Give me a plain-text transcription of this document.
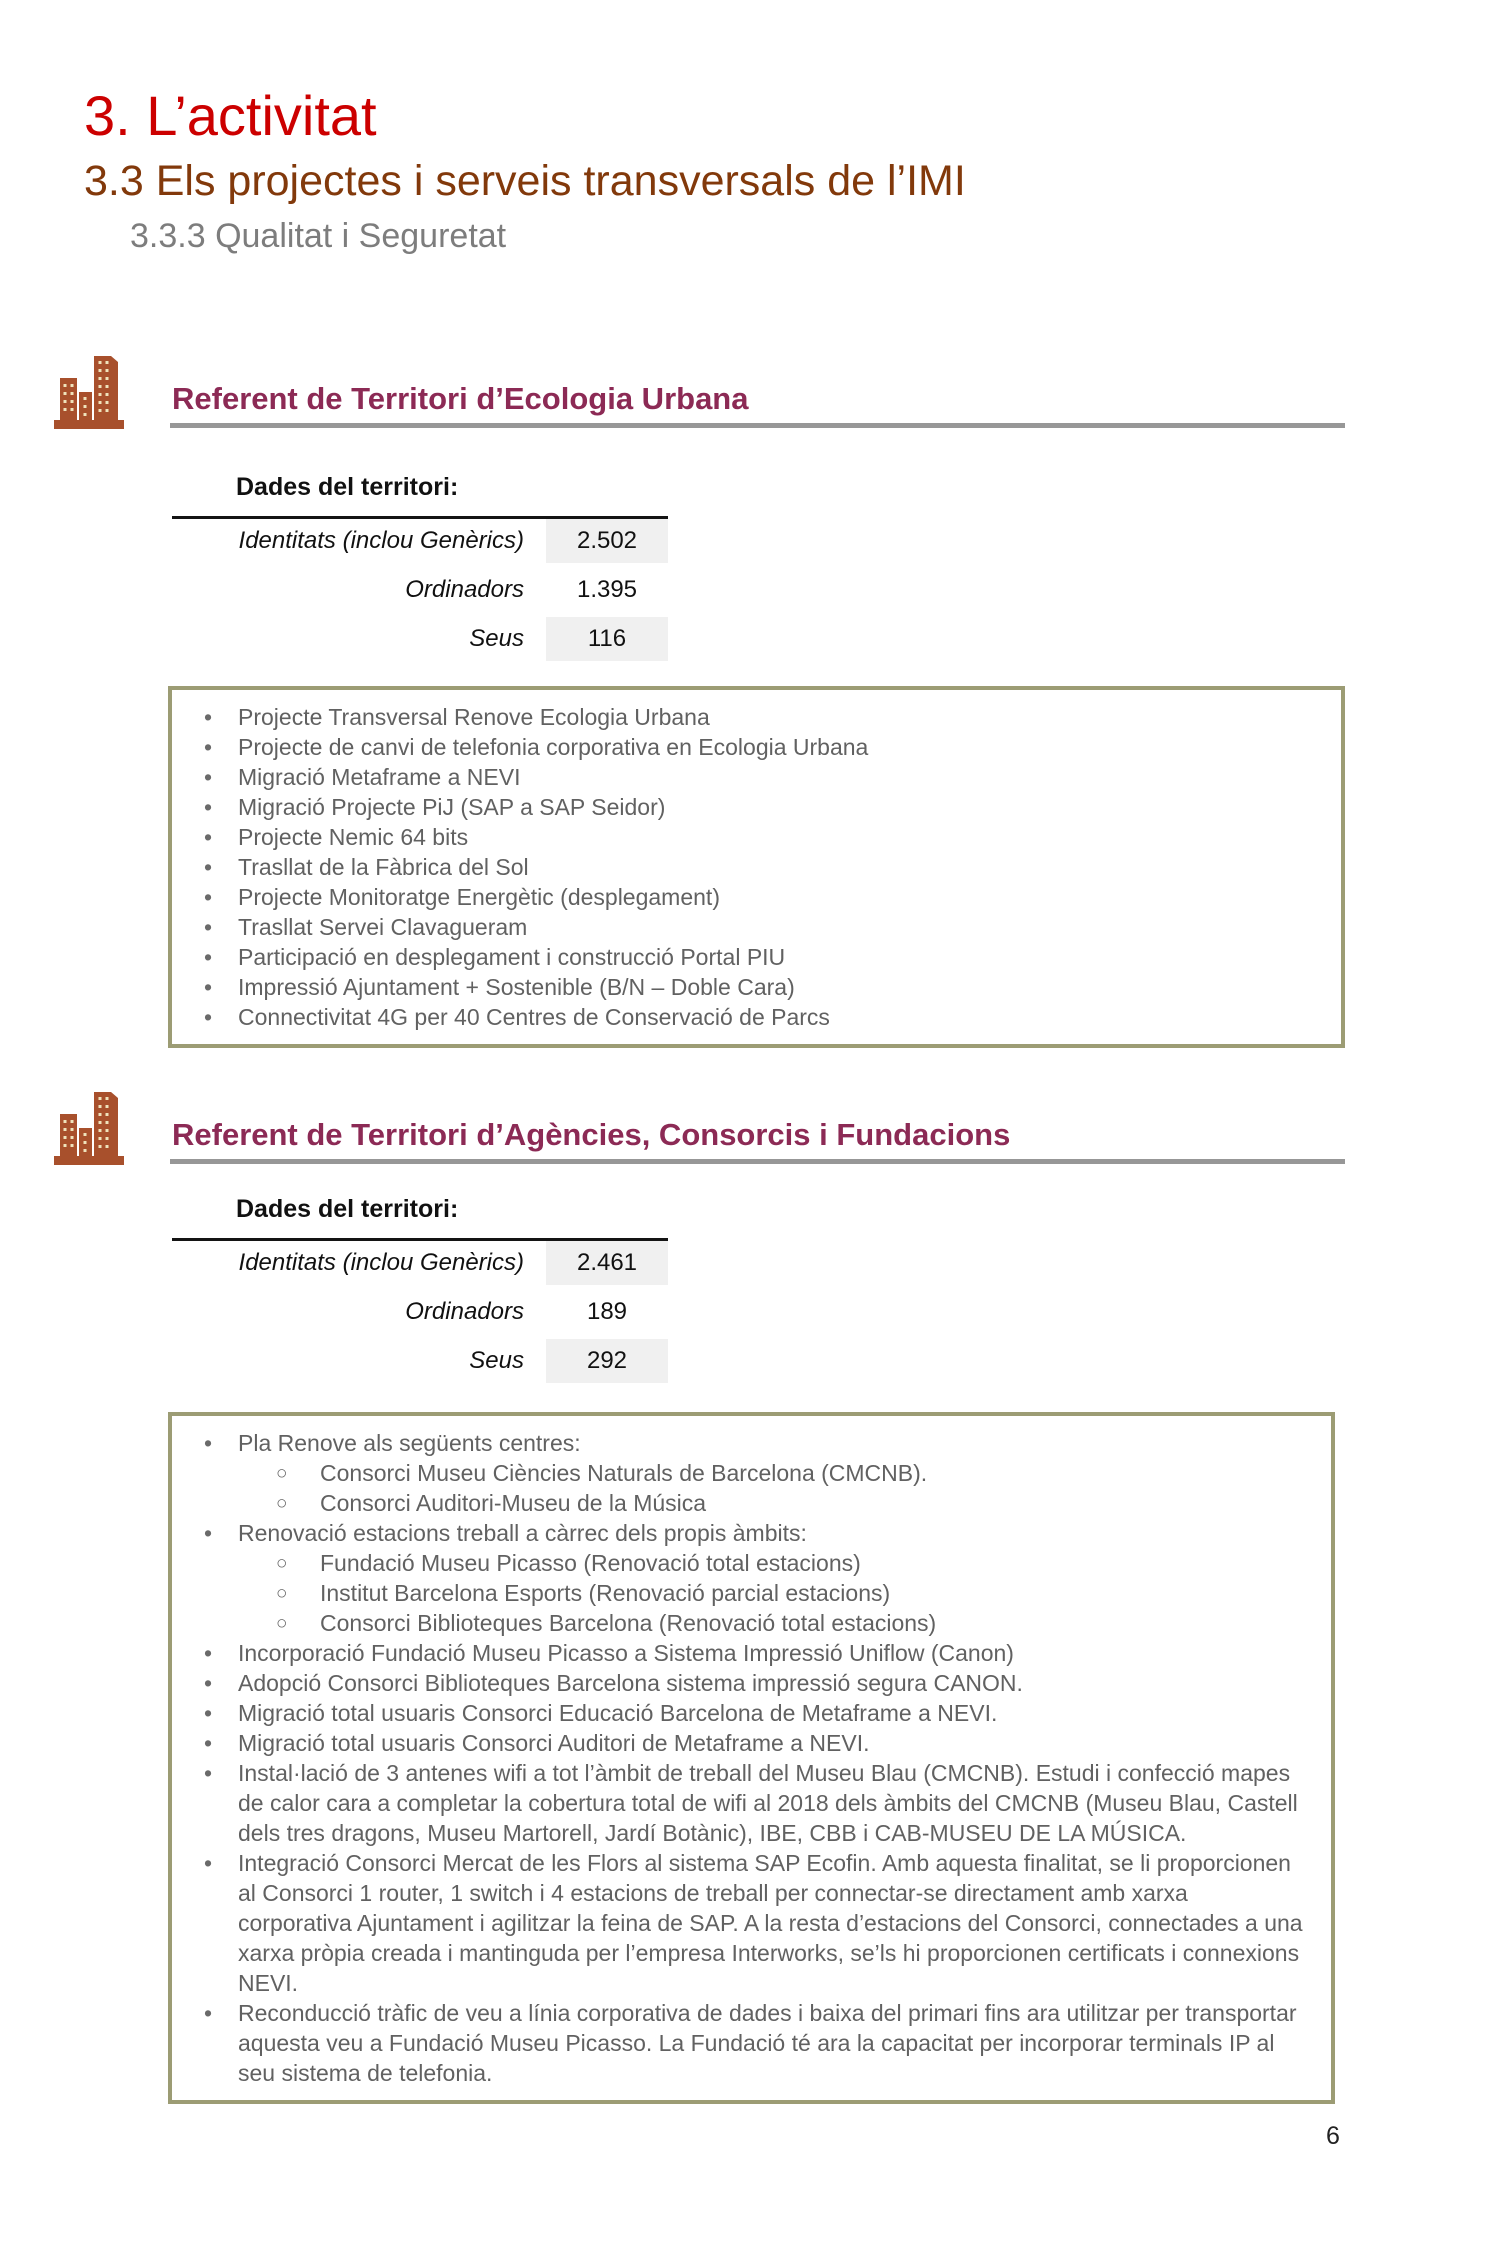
6
3. L’activitat
3.3 Els projectes i serveis transversals de l’IMI
3.3.3 Qualitat i Seguretat
Referent de Territori d’Ecologia Urbana
Dades del territori:
Identitats (inclou Genèrics)	2.502
Ordinadors	1.395
Seus	116
• Projecte Transversal Renove Ecologia Urbana
• Projecte de canvi de telefonia corporativa en Ecologia Urbana
• Migració Metaframe a NEVI
• Migració Projecte PiJ (SAP a SAP Seidor)
• Projecte Nemic 64 bits
• Trasllat de la Fàbrica del Sol
• Projecte Monitoratge Energètic (desplegament)
• Trasllat Servei Clavagueram
• Participació en desplegament i construcció Portal PIU
• Impressió Ajuntament + Sostenible (B/N – Doble Cara)
• Connectivitat 4G per 40 Centres de Conservació de Parcs
Referent de Territori d’Agències, Consorcis i Fundacions
Dades del territori:
Identitats (inclou Genèrics)	2.461
Ordinadors	189
Seus	292
• Pla Renove als següents centres:
○ Consorci Museu Ciències Naturals de Barcelona (CMCNB).
○ Consorci Auditori-Museu de la Música
• Renovació estacions treball a càrrec dels propis àmbits:
○ Fundació Museu Picasso (Renovació total estacions)
○ Institut Barcelona Esports (Renovació parcial estacions)
○ Consorci Biblioteques Barcelona (Renovació total estacions)
• Incorporació Fundació Museu Picasso a Sistema Impressió Uniflow (Canon)
• Adopció Consorci Biblioteques Barcelona sistema impressió segura CANON.
• Migració total usuaris Consorci Educació Barcelona de Metaframe a NEVI.
• Migració total usuaris Consorci Auditori de Metaframe a NEVI.
• Instal·lació de 3 antenes wifi a tot l’àmbit de treball del Museu Blau (CMCNB). Estudi i confecció mapes de calor cara a completar la cobertura total de wifi al 2018 dels àmbits del CMCNB (Museu Blau, Castell dels tres dragons, Museu Martorell, Jardí Botànic), IBE, CBB i CAB-MUSEU DE LA MÚSICA.
• Integració Consorci Mercat de les Flors al sistema SAP Ecofin. Amb aquesta finalitat, se li proporcionen al Consorci 1 router, 1 switch i 4 estacions de treball per connectar-se directament amb xarxa corporativa Ajuntament i agilitzar la feina de SAP. A la resta d’estacions del Consorci, connectades a una xarxa pròpia creada i mantinguda per l’empresa Interworks, se’ls hi proporcionen certificats i connexions NEVI.
• Reconducció tràfic de veu a línia corporativa de dades i baixa del primari fins ara utilitzar per transportar aquesta veu a Fundació Museu Picasso. La Fundació té ara la capacitat per incorporar terminals IP al seu sistema de telefonia.
